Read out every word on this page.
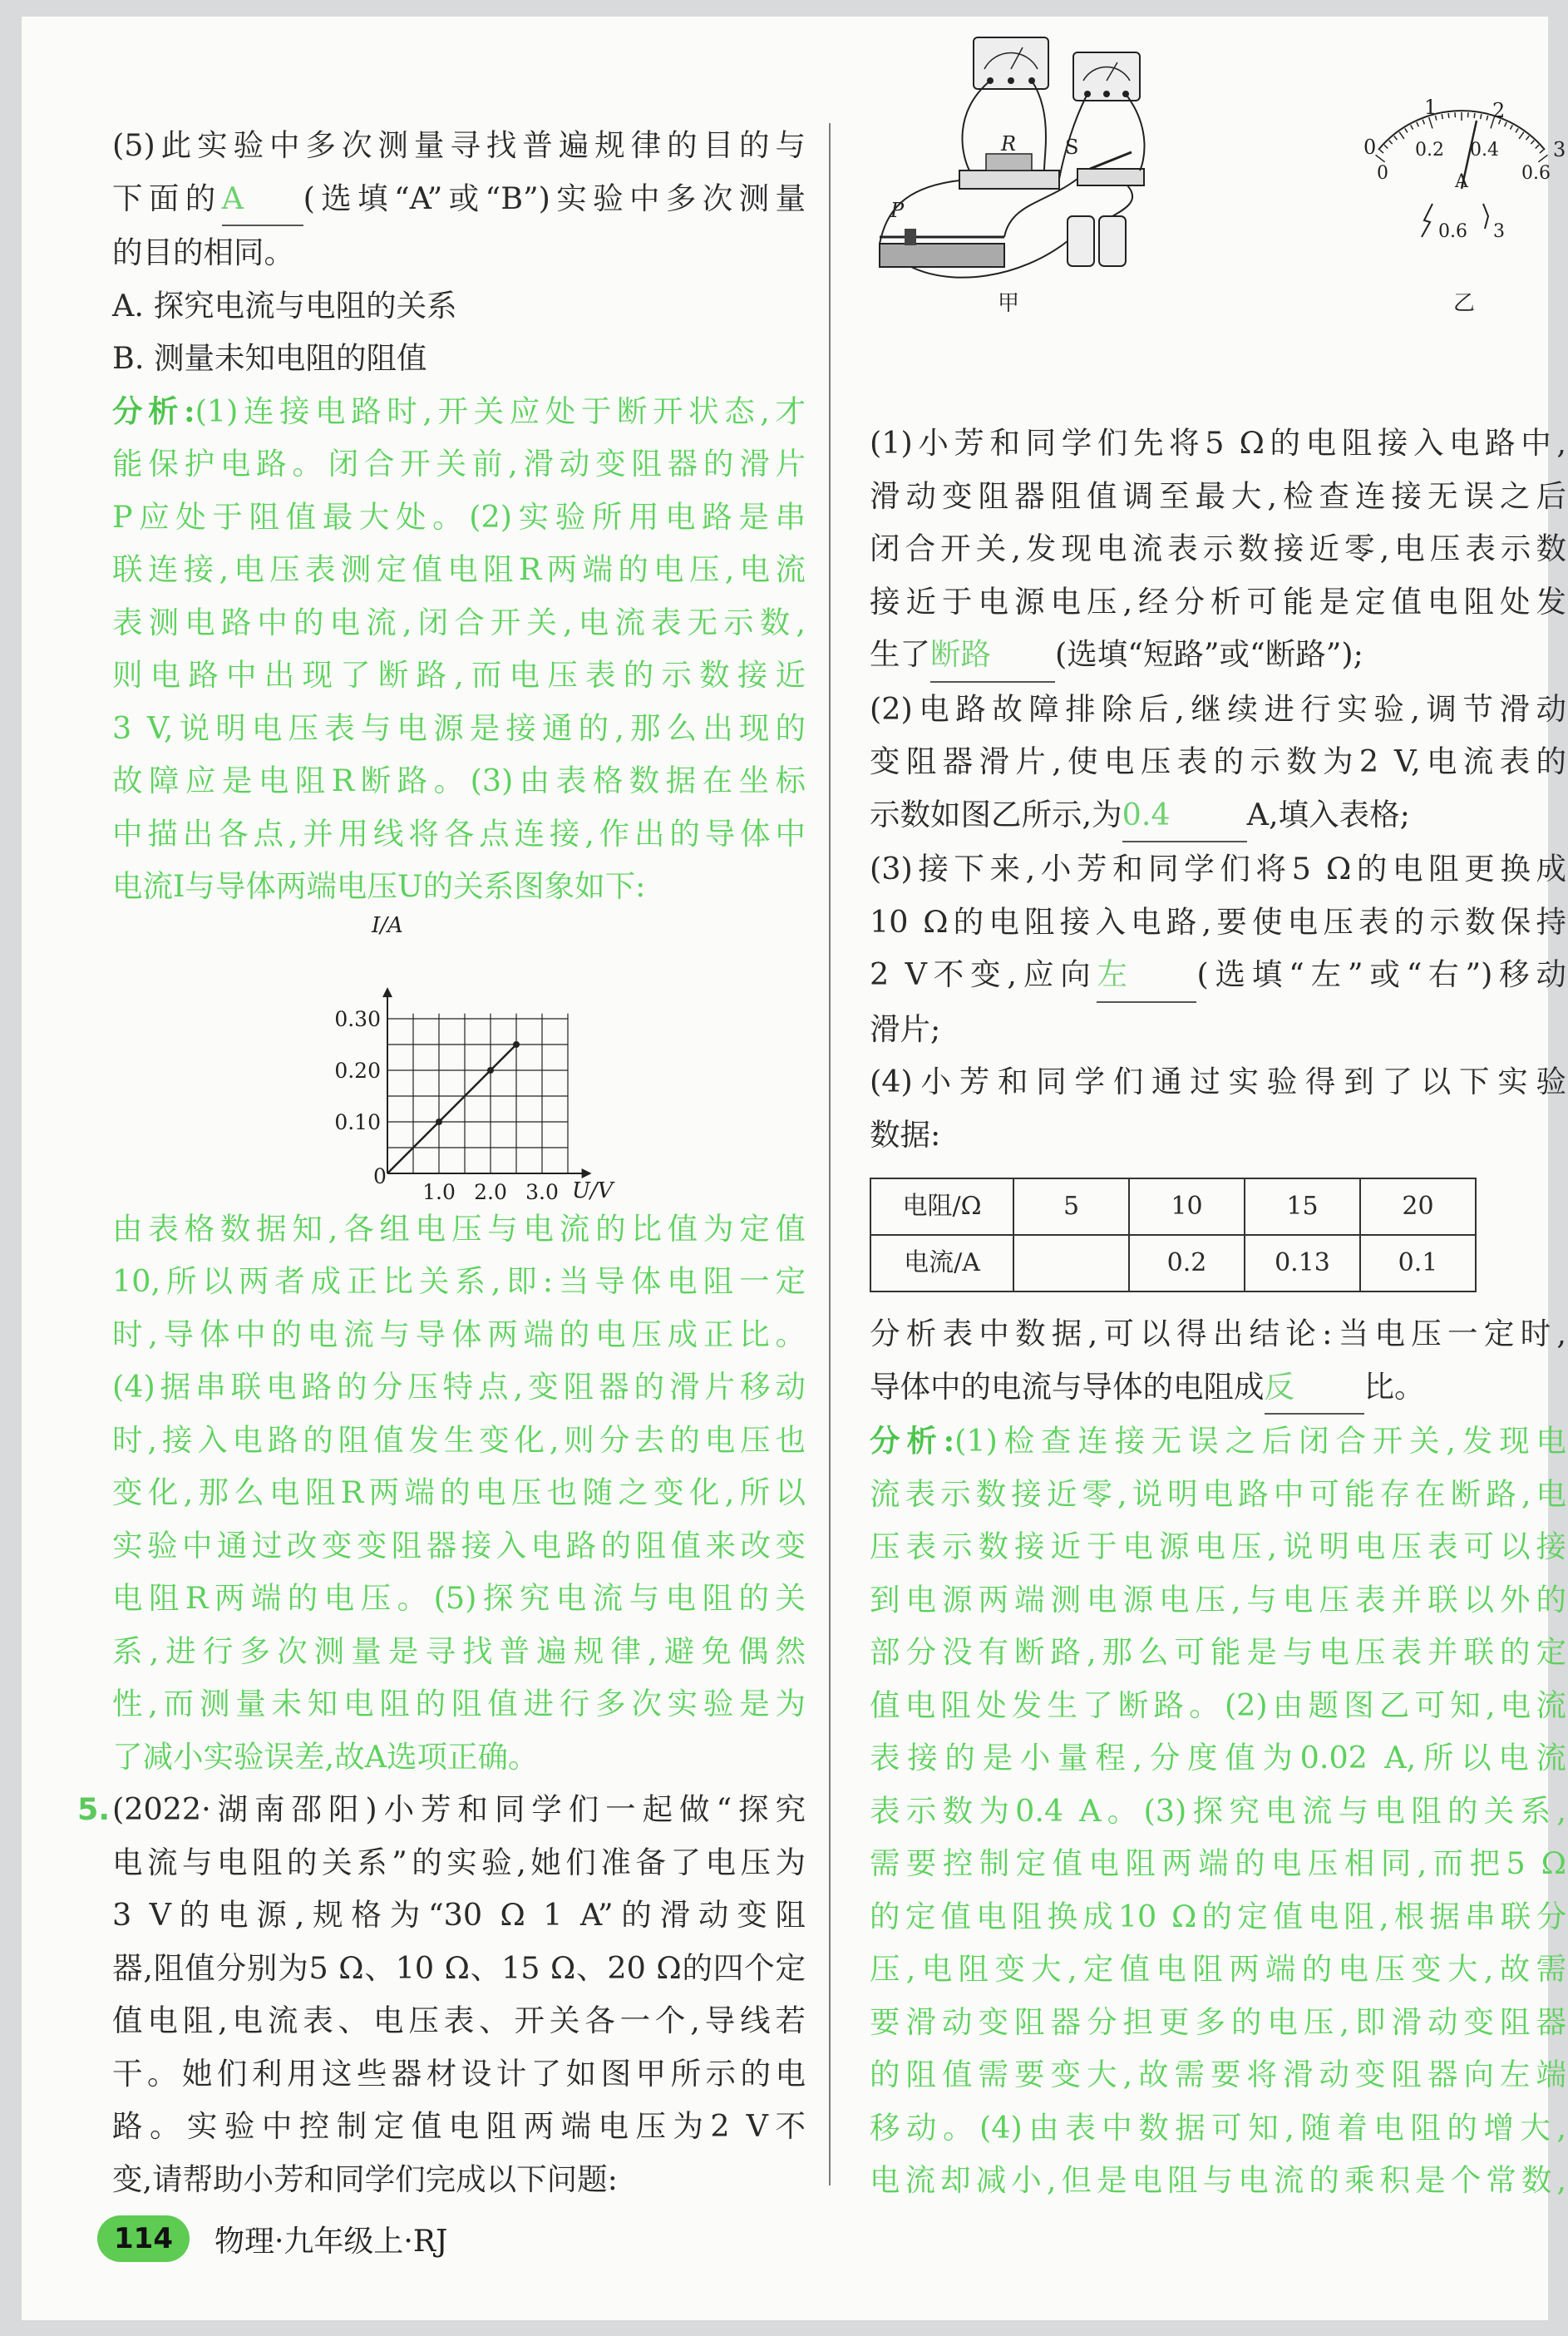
(5)此实验中多次测量寻找普遍规律的目的与

下面的A (选填“A”或“B”)实验中多次测量

的目的相同。

A. 探究电流与电阻的关系

B. 测量未知电阻的阻值

分析:(1)连接电路时,开关应处于断开状态,才

能保护电路。闭合开关前,滑动变阻器的滑片

P应处于阻值最大处。(2)实验所用电路是串

联连接,电压表测定值电阻R两端的电压,电流

表测电路中的电流,闭合开关,电流表无示数,

则电路中出现了断路,而电压表的示数接近

3 V,说明电压表与电源是接通的,那么出现的

故障应是电阻R断路。(3)由表格数据在坐标

中描出各点,并用线将各点连接,作出的导体中

电流I与导体两端电压U的关系图象如下:

0.10
0.20
0.30
1.0 2.0 3.0
I/A
U/V
0

由表格数据知,各组电压与电流的比值为定值

10,所以两者成正比关系,即:当导体电阻一定

时,导体中的电流与导体两端的电压成正比。

(4)据串联电路的分压特点,变阻器的滑片移动

时,接入电路的阻值发生变化,则分去的电压也

变化,那么电阻R两端的电压也随之变化,所以

实验中通过改变变阻器接入电路的阻值来改变

电阻R两端的电压。(5)探究电流与电阻的关

系,进行多次测量是寻找普遍规律,避免偶然

性,而测量未知电阻的阻值进行多次实验是为

了减小实验误差,故A选项正确。

5. (2022·湖南邵阳)小芳和同学们一起做“探究

电流与电阻的关系”的实验,她们准备了电压为

3 V的电源,规格为“30 Ω 1 A”的滑动变阻

器,阻值分别为5 Ω、10 Ω、15 Ω、20 Ω的四个定

值电阻,电流表、电压表、开关各一个,导线若

干。她们利用这些器材设计了如图甲所示的电

路。实验中控制定值电阻两端电压为2 V不

变,请帮助小芳和同学们完成以下问题:

R S
P
甲
0
1	2
3
0
0.2 0.4
0.6
A
0.6 3
乙

(1)小芳和同学们先将5 Ω的电阻接入电路中,

滑动变阻器阻值调至最大,检查连接无误之后

闭合开关,发现电流表示数接近零,电压表示数

接近于电源电压,经分析可能是定值电阻处发

生了断路 (选填“短路”或“断路”);

(2)电路故障排除后,继续进行实验,调节滑动

变阻器滑片,使电压表的示数为2 V,电流表的

示数如图乙所示,为0.4	A,填入表格;

(3)接下来,小芳和同学们将5 Ω的电阻更换成

10 Ω的电阻接入电路,要使电压表的示数保持

2 V不变,应向左 (选填“左”或“右”)移动

滑片;

(4)小芳和同学们通过实验得到了以下实验

数据:

电阻/Ω	5	10	15	20
电流/A		0.2	0.13	0.1

分析表中数据,可以得出结论:当电压一定时,

导体中的电流与导体的电阻成反 比。

分析:(1)检查连接无误之后闭合开关,发现电

流表示数接近零,说明电路中可能存在断路,电

压表示数接近于电源电压,说明电压表可以接

到电源两端测电源电压,与电压表并联以外的

部分没有断路,那么可能是与电压表并联的定

值电阻处发生了断路。(2)由题图乙可知,电流

表接的是小量程,分度值为0.02 A,所以电流

表示数为0.4 A。(3)探究电流与电阻的关系,

需要控制定值电阻两端的电压相同,而把5 Ω

的定值电阻换成10 Ω的定值电阻,根据串联分

压,电阻变大,定值电阻两端的电压变大,故需

要滑动变阻器分担更多的电压,即滑动变阻器

的阻值需要变大,故需要将滑动变阻器向左端

移动。(4)由表中数据可知,随着电阻的增大,

电流却减小,但是电阻与电流的乘积是个常数,

114	物理·九年级上·RJ
